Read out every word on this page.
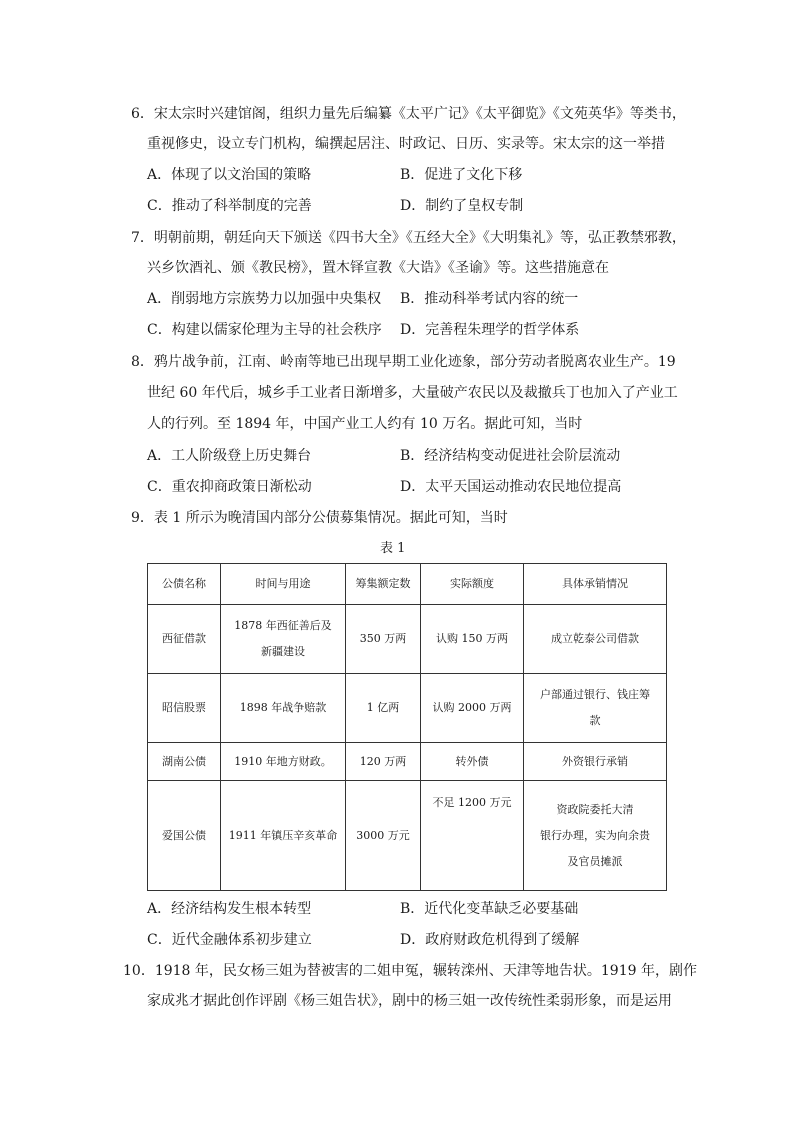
6．宋太宗时兴建馆阁，组织力量先后编纂《太平广记》《太平御览》《文苑英华》等类书，
重视修史，设立专门机构，编撰起居注、时政记、日历、实录等。宋太宗的这一举措
A．体现了以文治国的策略	B．促进了文化下移
C．推动了科举制度的完善	D．制约了皇权专制
7．明朝前期，朝廷向天下颁送《四书大全》《五经大全》《大明集礼》等，弘正教禁邪教，
兴乡饮酒礼、颁《教民榜》，置木铎宣教《大诰》《圣谕》等。这些措施意在
A．削弱地方宗族势力以加强中央集权 B．推动科举考试内容的统一
C．构建以儒家伦理为主导的社会秩序 D．完善程朱理学的哲学体系
8．鸦片战争前，江南、岭南等地已出现早期工业化迹象，部分劳动者脱离农业生产。19
世纪 60 年代后，城乡手工业者日渐增多，大量破产农民以及裁撤兵丁也加入了产业工
人的行列。至 1894 年，中国产业工人约有 10 万名。据此可知，当时
A．工人阶级登上历史舞台	B．经济结构变动促进社会阶层流动
C．重农抑商政策日渐松动	D．太平天国运动推动农民地位提高
9．表 1 所示为晚清国内部分公债募集情况。据此可知，当时
表 1
公债名称	时间与用途	筹集额定数	实际额度	具体承销情况
西征借款	1878 年西征善后及
新疆建设	350 万两	认购 150 万两	成立乾泰公司借款

昭信股票	1898 年战争赔款	1 亿两	认购 2000 万两	户部通过银行、钱庄筹
款

湖南公债	1910 年地方财政。	120 万两	转外债	外资银行承销

爱国公债	1911 年镇压辛亥革命	3000 万元	不足 1200 万元	资政院委托大清
银行办理，实为向余贵
及官员摊派
A．经济结构发生根本转型	B．近代化变革缺乏必要基础
C．近代金融体系初步建立	D．政府财政危机得到了缓解
10．1918 年，民女杨三姐为替被害的二姐申冤，辗转滦州、天津等地告状。1919 年，剧作
家成兆才据此创作评剧《杨三姐告状》，剧中的杨三姐一改传统性柔弱形象，而是运用
